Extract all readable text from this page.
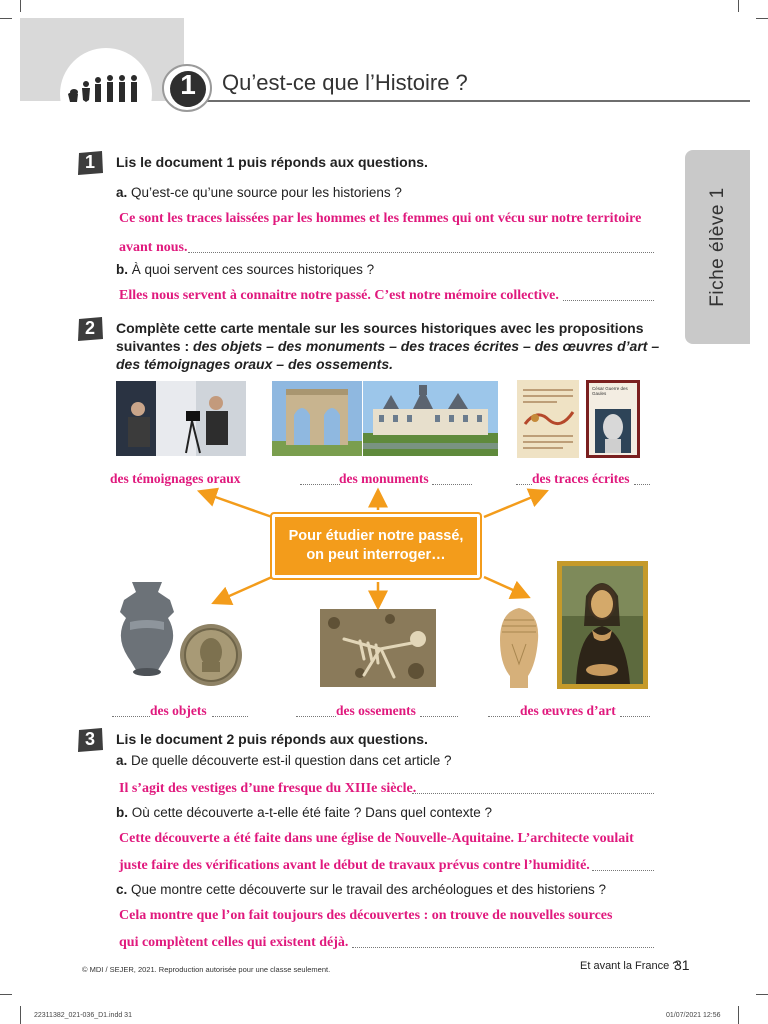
1	Qu’est-ce que l’Histoire ?
Fiche élève 1
1	Lis le document 1 puis réponds aux questions.
a. Qu’est-ce qu’une source pour les historiens ?
Ce sont les traces laissées par les hommes et les femmes qui ont vécu sur notre territoire
avant nous.
b. À quoi servent ces sources historiques ?
Elles nous servent à connaitre notre passé. C’est notre mémoire collective.
2	Complète cette carte mentale sur les sources historiques avec les propositions
suivantes : des objets – des monuments – des traces écrites – des œuvres d’art –
des témoignages oraux – des ossements.
César Guerre des Gaules
des témoignages oraux	des monuments	des traces écrites
Pour étudier notre passé, on peut interroger…
des objets	des ossements	des œuvres d’art
3	Lis le document 2 puis réponds aux questions.
a. De quelle découverte est-il question dans cet article ?
Il s’agit des vestiges d’une fresque du XIIIe siècle.
b. Où cette découverte a-t-elle été faite ? Dans quel contexte ?
Cette découverte a été faite dans une église de Nouvelle-Aquitaine. L’architecte voulait
juste faire des vérifications avant le début de travaux prévus contre l’humidité.
c. Que montre cette découverte sur le travail des archéologues et des historiens ?
Cela montre que l’on fait toujours des découvertes : on trouve de nouvelles sources
qui complètent celles qui existent déjà.
© MDI / SEJER, 2021. Reproduction autorisée pour une classe seulement.	Et avant la France ?
31
22311382_021-036_D1.indd 31	01/07/2021 12:56
